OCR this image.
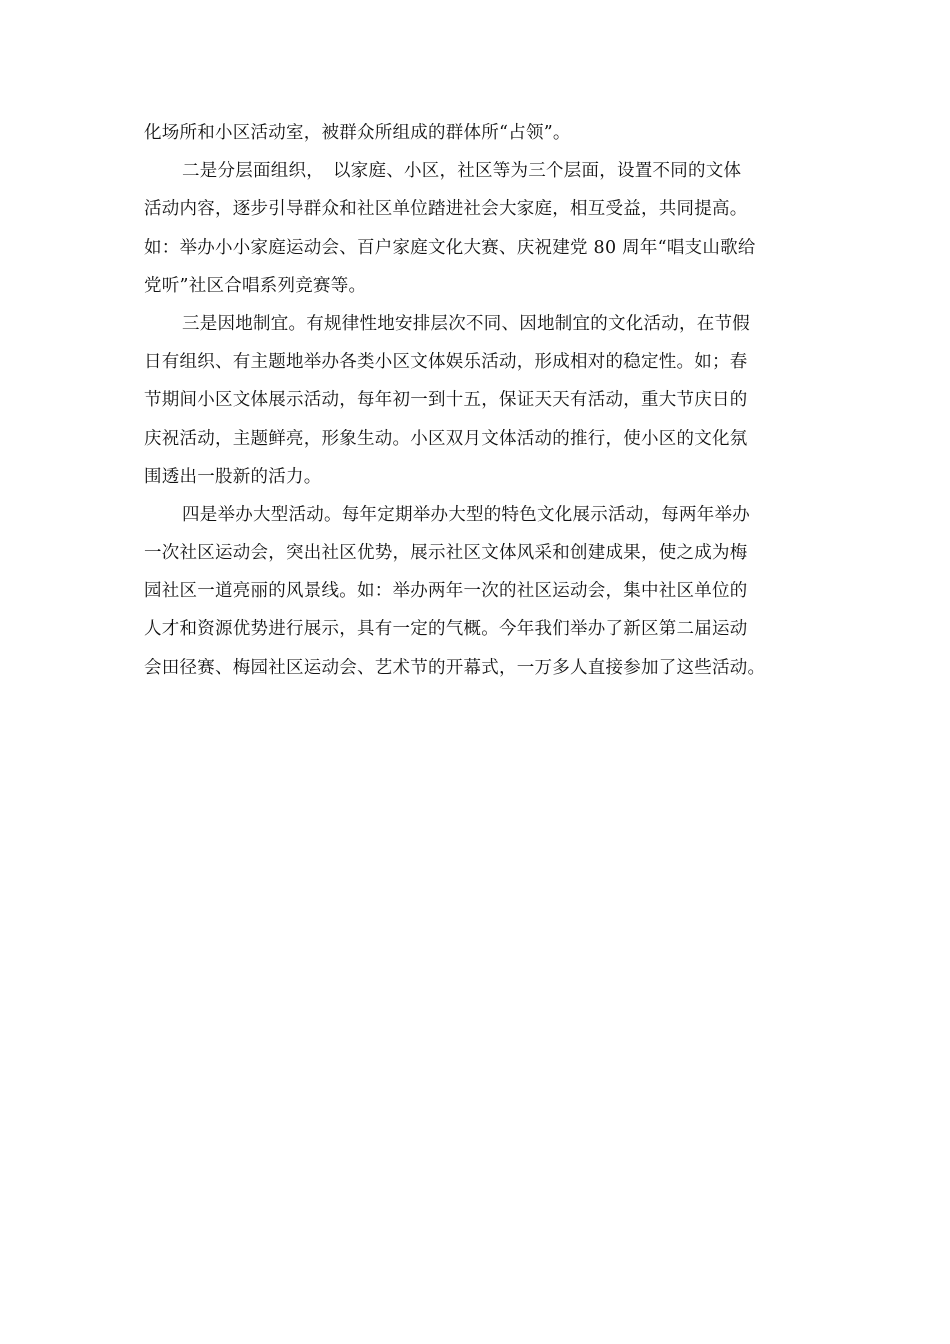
化场所和小区活动室，被群众所组成的群体所“占领”。
二是分层面组织，　以家庭、小区，社区等为三个层面，设置不同的文体
活动内容，逐步引导群众和社区单位踏进社会大家庭，相互受益，共同提高。
如：举办小小家庭运动会、百户家庭文化大赛、庆祝建党 80 周年“唱支山歌给
党听”社区合唱系列竞赛等。
三是因地制宜。有规律性地安排层次不同、因地制宜的文化活动，在节假
日有组织、有主题地举办各类小区文体娱乐活动，形成相对的稳定性。如；春
节期间小区文体展示活动，每年初一到十五，保证天天有活动，重大节庆日的
庆祝活动，主题鲜亮，形象生动。小区双月文体活动的推行，使小区的文化氛
围透出一股新的活力。
四是举办大型活动。每年定期举办大型的特色文化展示活动，每两年举办
一次社区运动会，突出社区优势，展示社区文体风采和创建成果，使之成为梅
园社区一道亮丽的风景线。如：举办两年一次的社区运动会，集中社区单位的
人才和资源优势进行展示，具有一定的气概。今年我们举办了新区第二届运动
会田径赛、梅园社区运动会、艺术节的开幕式，一万多人直接参加了这些活动。
